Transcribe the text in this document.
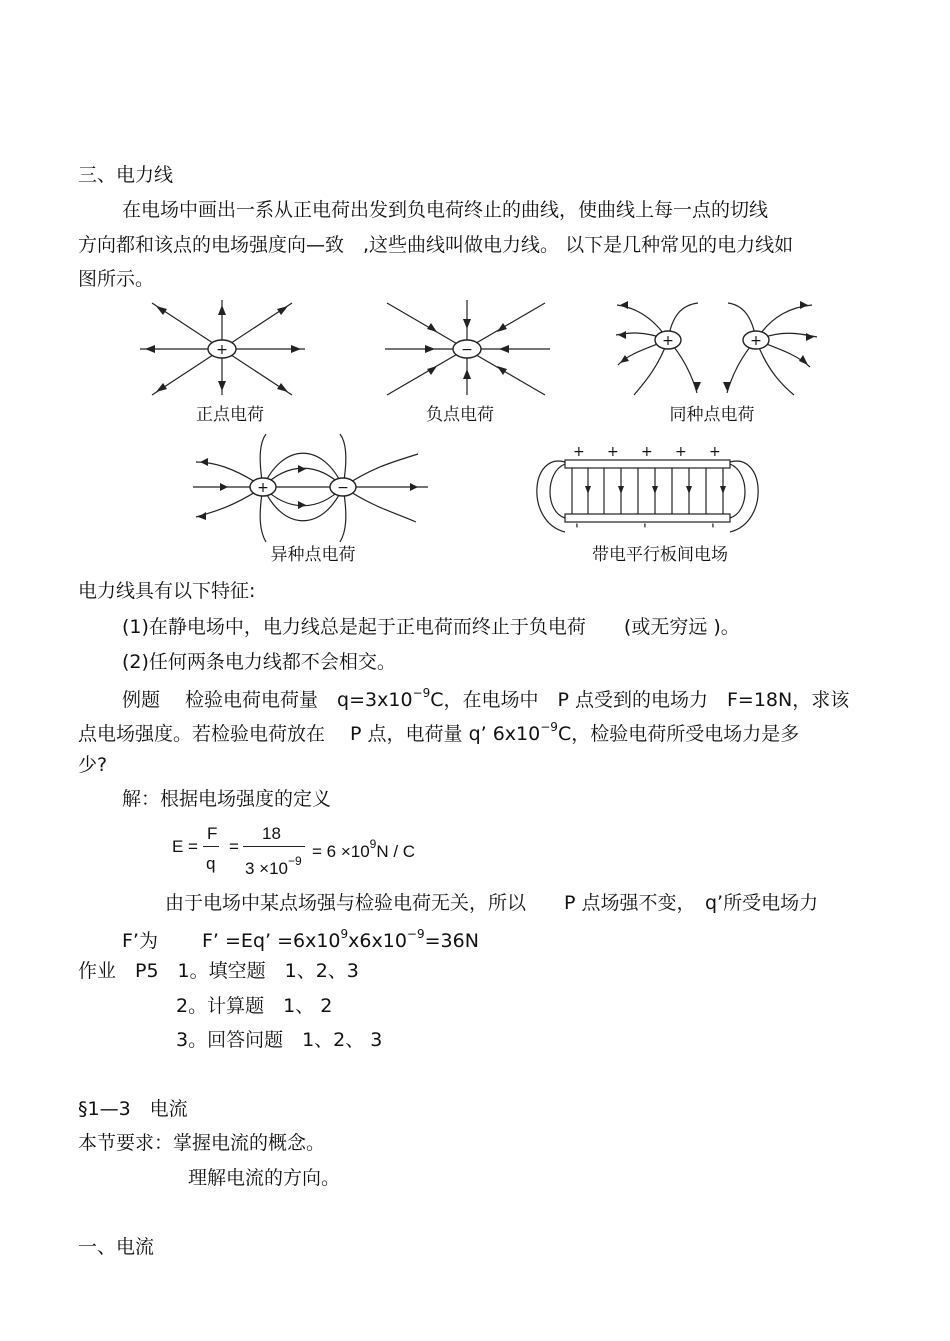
三、电力线
在电场中画出一系从正电荷出发到负电荷终止的曲线，使曲线上每一点的切线
方向都和该点的电场强度向—致　,这些曲线叫做电力线。 以下是几种常见的电力线如
图所示。
+
正点电荷
−
负点电荷
+	+
同种点电荷
+	−
异种点电荷
+ + + + +
'	'	'
带电平行板间电场
电力线具有以下特征:
(1)在静电场中，电力线总是起于正电荷而终止于负电荷　　(或无穷远 )。
(2)任何两条电力线都不会相交。
例题　 检验电荷电荷量　$q=3x10^{-9}C$，在电场中　P 点受到的电场力　F=18N，求该
点电场强度。若检验电荷放在　 P 点，电荷量 q’ $6x10^{-9}C$，检验电荷所受电场力是多
少?
解：根据电场强度的定义
E =
F
q
=
18
$3 \times 10^{-9} = 6 \times 10^9N / C$
由于电场中某点场强与检验电荷无关，所以　　P 点场强不变，　q’所受电场力
F’为　　 F’ =Eq’ $=6x10^9x6x10^{-9}=36N$
作业　P5　1。填空题　1、2、3
2。计算题　1、 2
3。回答问题　1、2、 3
§1—3　电流
本节要求：掌握电流的概念。
理解电流的方向。
一、电流
